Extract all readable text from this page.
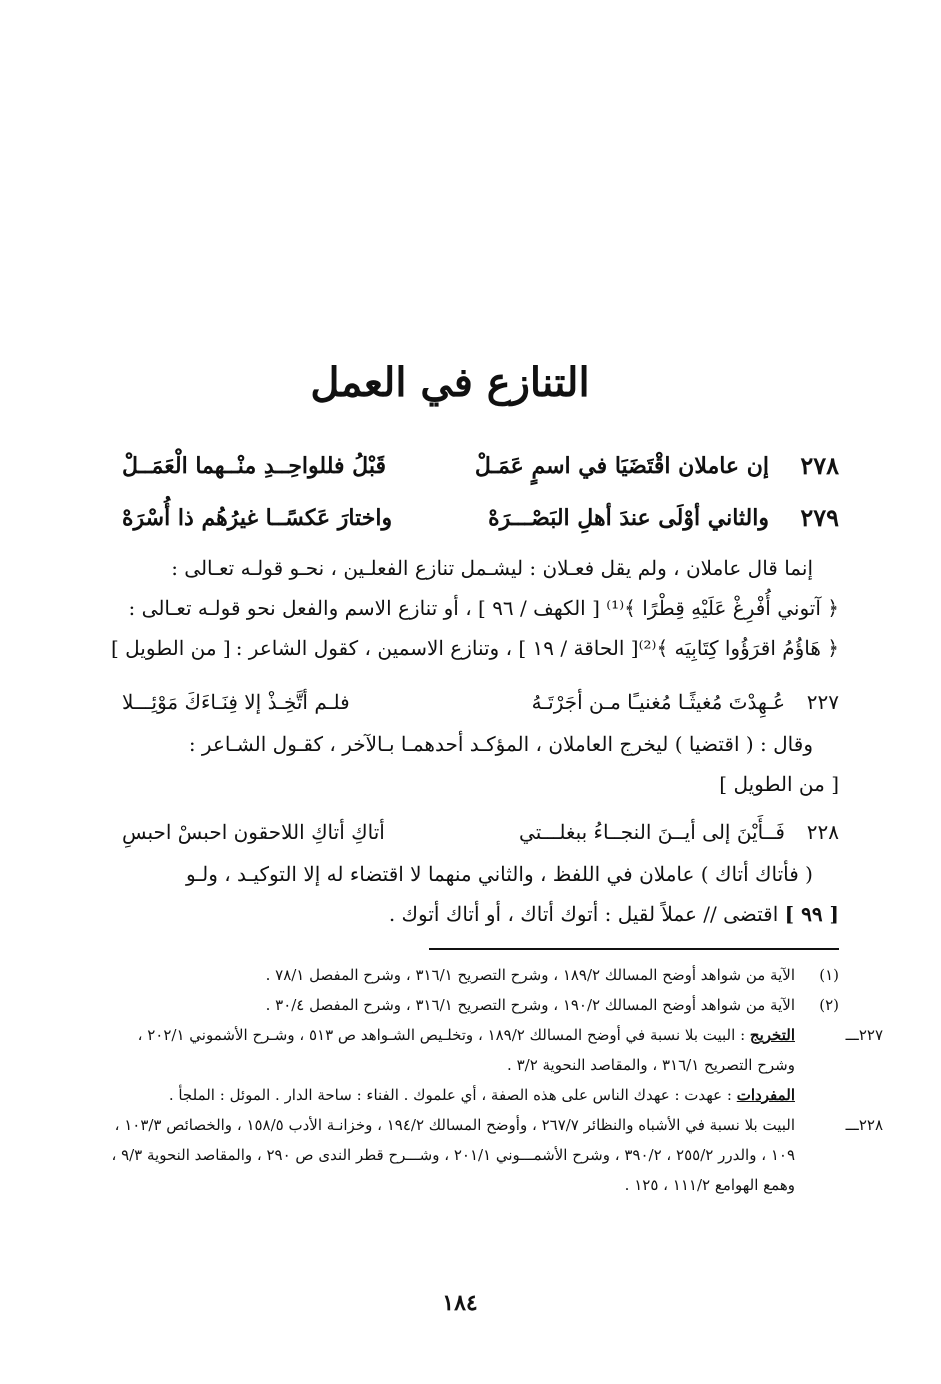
التنازع في العمل
٢٧٨
إن عاملان اقْتَضَيَا في اسمٍ عَمَـلْ
قَبْلُ فللواحِــدِ منْــهما الْعَمَــلْ
٢٧٩
والثاني أوْلَى عندَ أهلِ البَصْـــرَهْ
واختارَ عَكسًــا غيرُهُم ذا أُسْرَهْ
إنما قال عاملان ، ولم يقل فعـلان : ليشـمل تنازع الفعلـين ، نحـو قولـه تعـالى :
﴿ آتوني أُفْرِغْ عَلَيْهِ قِطْرًا ﴾⁽¹⁾ [ الكهف / ٩٦ ] ، أو تنازع الاسم والفعل نحو قولـه تعـالى :
﴿ هَاؤُمُ اقرَؤُوا كِتَابِيَه ﴾⁽²⁾[ الحاقة / ١٩ ] ، وتنازع الاسمين ، كقول الشاعر :
[ من الطويل ]
٢٢٧
عُـهِدْتَ مُغيثًـا مُغنيـًا مـن أجَرْتَـهُ
فلـم أتَّخِـذْ إلا فِنَـاءَكَ مَوْئِـــلا
وقال : ( اقتضيا ) ليخرج العاملان ، المؤكـد أحدهمـا بـالآخر ، كقـول الشـاعر :
[ من الطويل ]
٢٢٨
فَــأَيْنَ إلى أيــنَ النجــاءُ ببغلـــتي
أتاكِ أتاكِ اللاحقون احبسْ احبسِ
( فأتاك أتاك ) عاملان في اللفظ ، والثاني منهما لا اقتضاء له إلا التوكيـد ، ولـو
[ ٩٩ ] اقتضى // عملاً لقيل : أتوك أتاك ، أو أتاك أتوك .

(١)الآية من شواهد أوضح المسالك ١٨٩/٢ ، وشرح التصريح ٣١٦/١ ، وشرح المفصل ٧٨/١ .

(٢)الآية من شواهد أوضح المسالك ١٩٠/٢ ، وشرح التصريح ٣١٦/١ ، وشرح المفصل ٣٠/٤ .

٢٢٧ـــالتخريج : البيت بلا نسبة في أوضح المسالك ١٨٩/٢ ، وتخلـيص الشـواهد ص ٥١٣ ، وشـرح الأشموني ٢٠٢/١ ، وشرح التصريح ٣١٦/١ ، والمقاصد النحوية ٣/٢ .

المفردات : عهدت : عهدك الناس على هذه الصفة ، أي علموك . الفناء : ساحة الدار . الموئل : الملجأ .

٢٢٨ـــالبيت بلا نسبة في الأشباه والنظائر ٢٦٧/٧ ، وأوضح المسالك ١٩٤/٢ ، وخزانـة الأدب ١٥٨/٥ ، والخصائص ١٠٣/٣ ، ١٠٩ ، والدرر ٢٥٥/٢ ، ٣٩٠/٢ ، وشرح الأشمـــوني ٢٠١/١ ، وشـــرح قطر الندى ص ٢٩٠ ، والمقاصد النحوية ٩/٣ ، وهمع الهوامع ١١١/٢ ، ١٢٥ .

١٨٤
